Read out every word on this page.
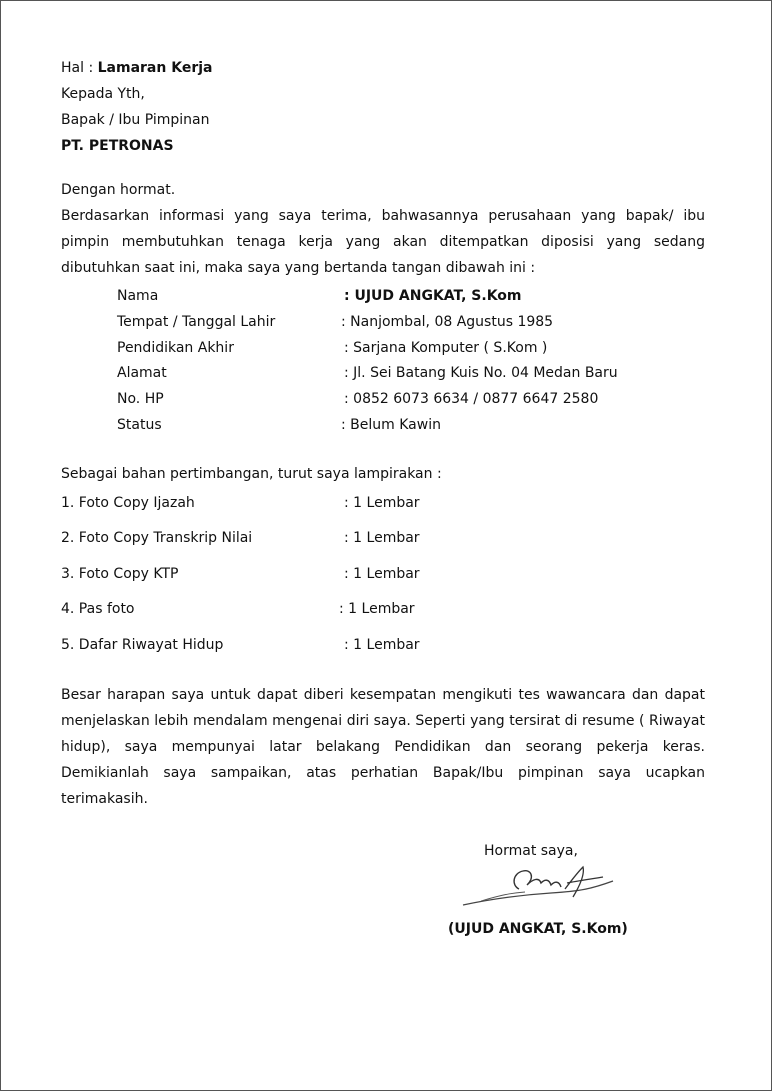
Hal : Lamaran Kerja
Kepada Yth,
Bapak / Ibu Pimpinan
PT. PETRONAS
Dengan hormat.
Berdasarkan informasi yang saya terima, bahwasannya perusahaan yang bapak/ ibu pimpin membutuhkan tenaga kerja yang akan ditempatkan diposisi yang sedang dibutuhkan saat ini, maka saya yang bertanda tangan dibawah ini :
Nama	: UJUD ANGKAT, S.Kom
Tempat / Tanggal Lahir	: Nanjombal, 08 Agustus 1985
Pendidikan Akhir	: Sarjana Komputer ( S.Kom )
Alamat	: Jl. Sei Batang Kuis No. 04 Medan Baru
No. HP	: 0852 6073 6634 / 0877 6647 2580
Status	: Belum Kawin
Sebagai bahan pertimbangan, turut saya lampirakan :
1. Foto Copy Ijazah	: 1 Lembar
2. Foto Copy Transkrip Nilai	: 1 Lembar
3. Foto Copy KTP	: 1 Lembar
4. Pas foto	: 1 Lembar
5. Dafar Riwayat Hidup	: 1 Lembar
Besar harapan saya untuk dapat diberi kesempatan mengikuti tes wawancara dan dapat menjelaskan lebih mendalam mengenai diri saya. Seperti yang tersirat di resume ( Riwayat hidup), saya mempunyai latar belakang Pendidikan dan seorang pekerja keras. Demikianlah saya sampaikan, atas perhatian Bapak/Ibu pimpinan saya ucapkan terimakasih.
Hormat saya,
(UJUD ANGKAT, S.Kom)
